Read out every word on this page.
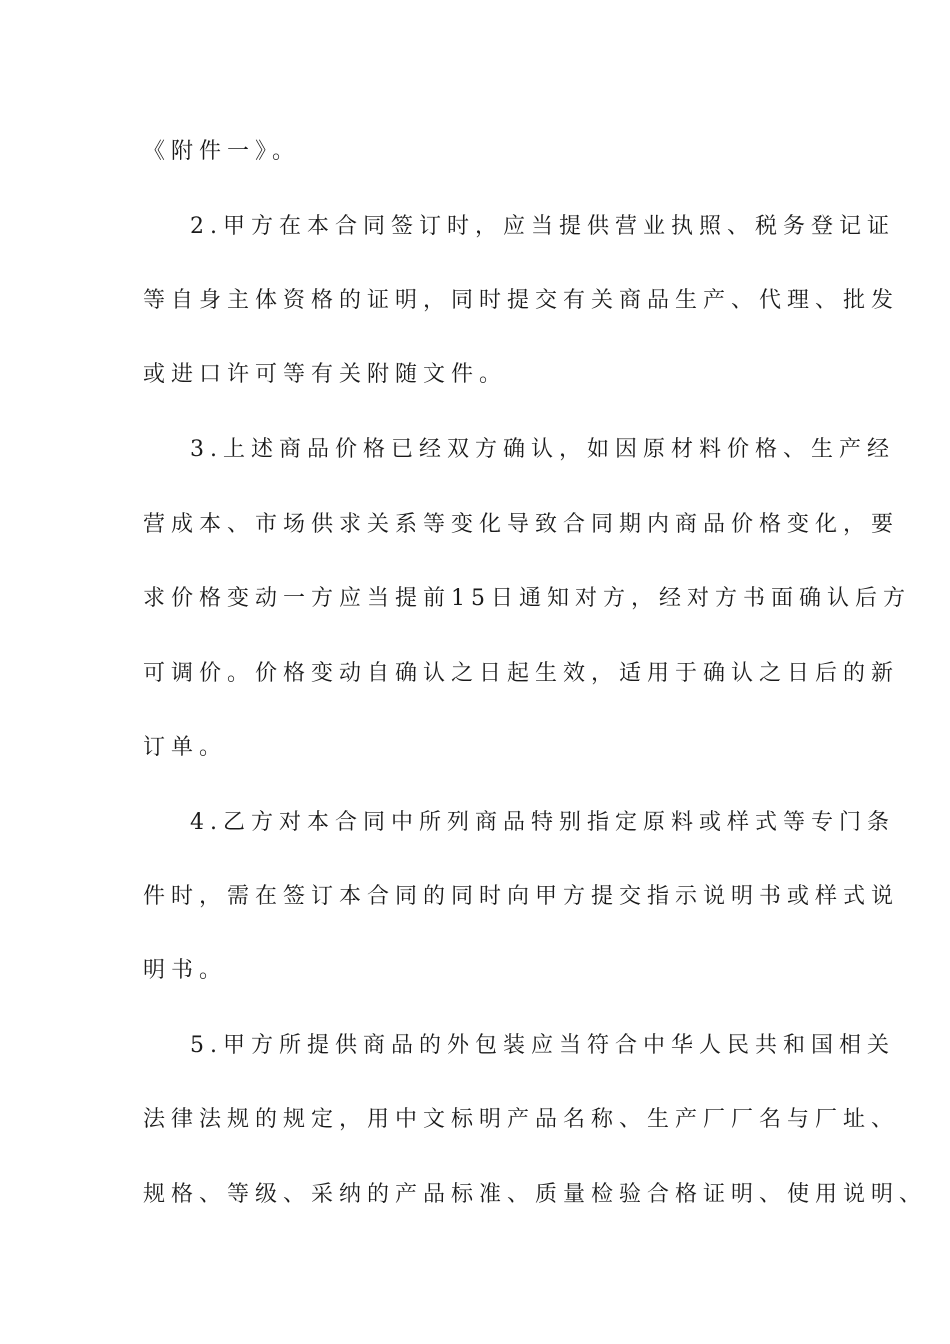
《附件一》。
2.甲方在本合同签订时，应当提供营业执照、税务登记证
等自身主体资格的证明，同时提交有关商品生产、代理、批发
或进口许可等有关附随文件。
3.上述商品价格已经双方确认，如因原材料价格、生产经
营成本、市场供求关系等变化导致合同期内商品价格变化，要
求价格变动一方应当提前15日通知对方，经对方书面确认后方
可调价。价格变动自确认之日起生效，适用于确认之日后的新
订单。
4.乙方对本合同中所列商品特别指定原料或样式等专门条
件时，需在签订本合同的同时向甲方提交指示说明书或样式说
明书。
5.甲方所提供商品的外包装应当符合中华人民共和国相关
法律法规的规定，用中文标明产品名称、生产厂厂名与厂址、
规格、等级、采纳的产品标准、质量检验合格证明、使用说明、
